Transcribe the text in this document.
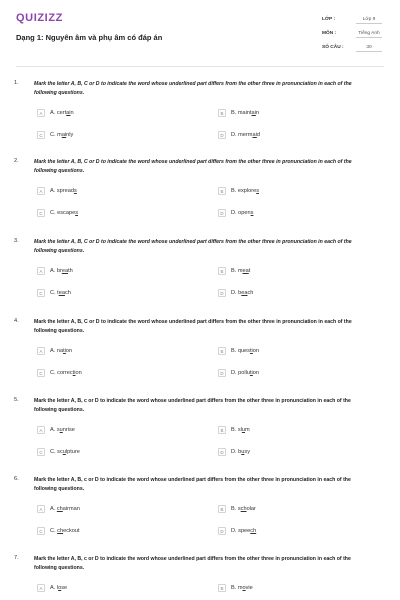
QUIZIZZ
Dạng 1: Nguyên âm và phụ âm có đáp án
LỚP :	Lớp 9
MÔN :	Tiếng Anh
SỐ CÂU :	30
1.	Mark the letter A, B, C or D to indicate the word whose underlined part differs from the other three in pronunciation in each of the following questions.
A	A. certain	B	B. maintain
C	C. mainly	D	D. mermaid
2.	Mark the letter A, B, C or D to indicate the word whose underlined part differs from the other three in pronunciation in each of the following questions.
A	A. spreads	B	B. explores
C	C. escapes	D	D. opens
3.	Mark the letter A, B, C or D to indicate the word whose underlined part differs from the other three in pronunciation in each of the following questions.
A	A. breath	B	B. meat
C	C. teach	D	D. beach
4.	Mark the letter A, B, C or D to indicate the word whose underlined part differs from the other three in pronunciation in each of the following questions.
A	A. nation	B	B. question
C	C. correction	D	D. pollution
5.	Mark the letter A, B, c or D to indicate the word whose underlined part differs from the other three in pronunciation in each of the following questions.
A	A. sunrise	B	B. slum
C	C. sculpture	D	D. busy
6.	Mark the letter A, B, c or D to indicate the word whose underlined part differs from the other three in pronunciation in each of the following questions.
A	A. chairman	B	B. scholar
C	C. checkout	D	D. speech
7.	Mark the letter A, B, c or D to indicate the word whose underlined part differs from the other three in pronunciation in each of the following questions.
A	A. lose	B	B. movie
